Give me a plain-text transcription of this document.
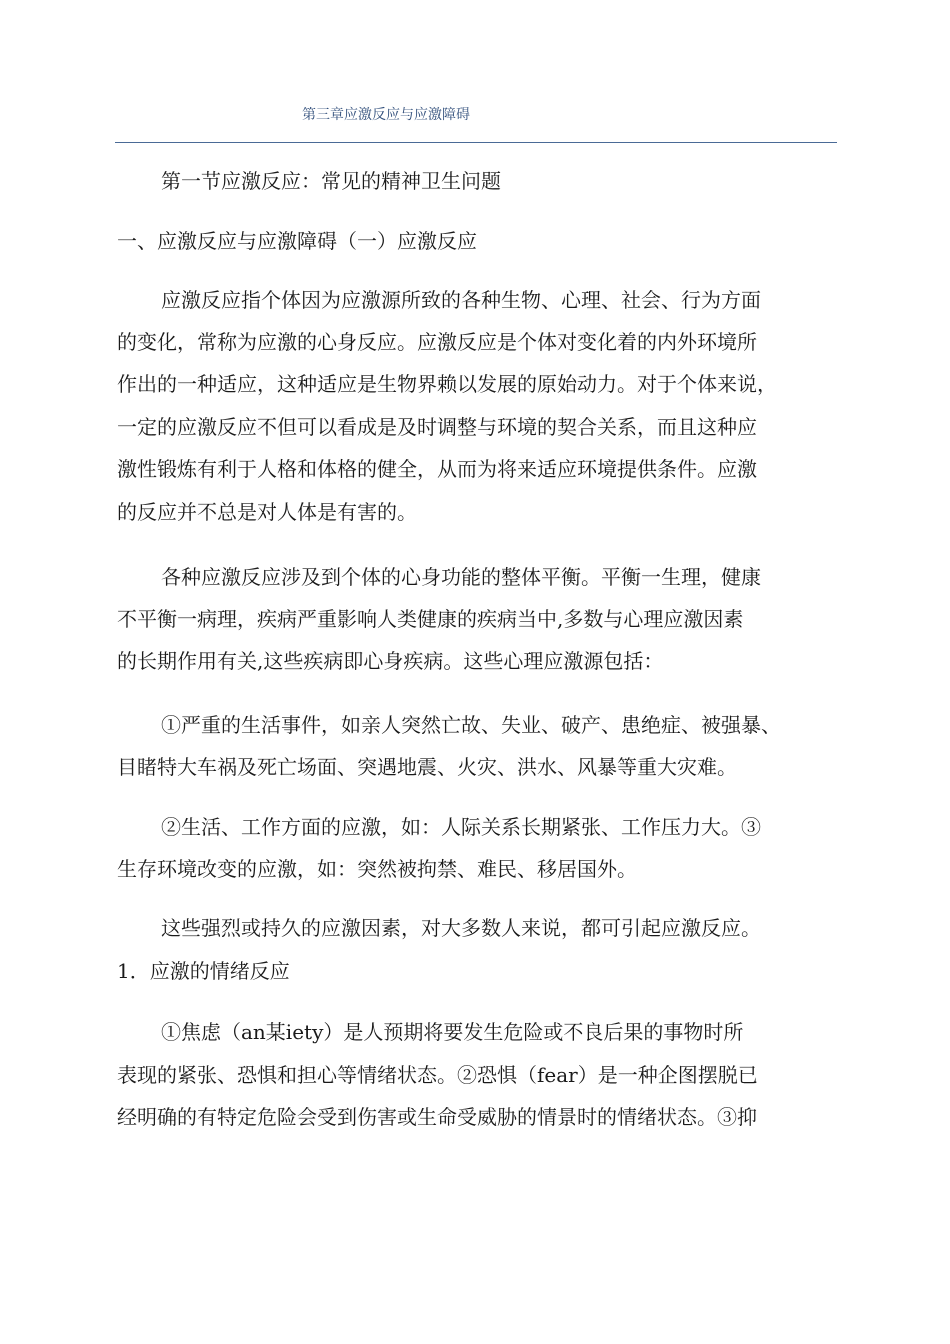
第三章应激反应与应激障碍
第一节应激反应：常见的精神卫生问题
一、应激反应与应激障碍（一）应激反应
应激反应指个体因为应激源所致的各种生物、心理、社会、行为方面
的变化，常称为应激的心身反应。应激反应是个体对变化着的内外环境所
作出的一种适应，这种适应是生物界赖以发展的原始动力。对于个体来说，
一定的应激反应不但可以看成是及时调整与环境的契合关系，而且这种应
激性锻炼有利于人格和体格的健全，从而为将来适应环境提供条件。应激
的反应并不总是对人体是有害的。
各种应激反应涉及到个体的心身功能的整体平衡。平衡一生理，健康
不平衡一病理，疾病严重影响人类健康的疾病当中,多数与心理应激因素
的长期作用有关,这些疾病即心身疾病。这些心理应激源包括：
①严重的生活事件，如亲人突然亡故、失业、破产、患绝症、被强暴、
目睹特大车祸及死亡场面、突遇地震、火灾、洪水、风暴等重大灾难。
②生活、工作方面的应激，如：人际关系长期紧张、工作压力大。③
生存环境改变的应激，如：突然被拘禁、难民、移居国外。
这些强烈或持久的应激因素，对大多数人来说，都可引起应激反应。
1．应激的情绪反应
①焦虑（an某iety）是人预期将要发生危险或不良后果的事物时所
表现的紧张、恐惧和担心等情绪状态。②恐惧（fear）是一种企图摆脱已
经明确的有特定危险会受到伤害或生命受威胁的情景时的情绪状态。③抑
